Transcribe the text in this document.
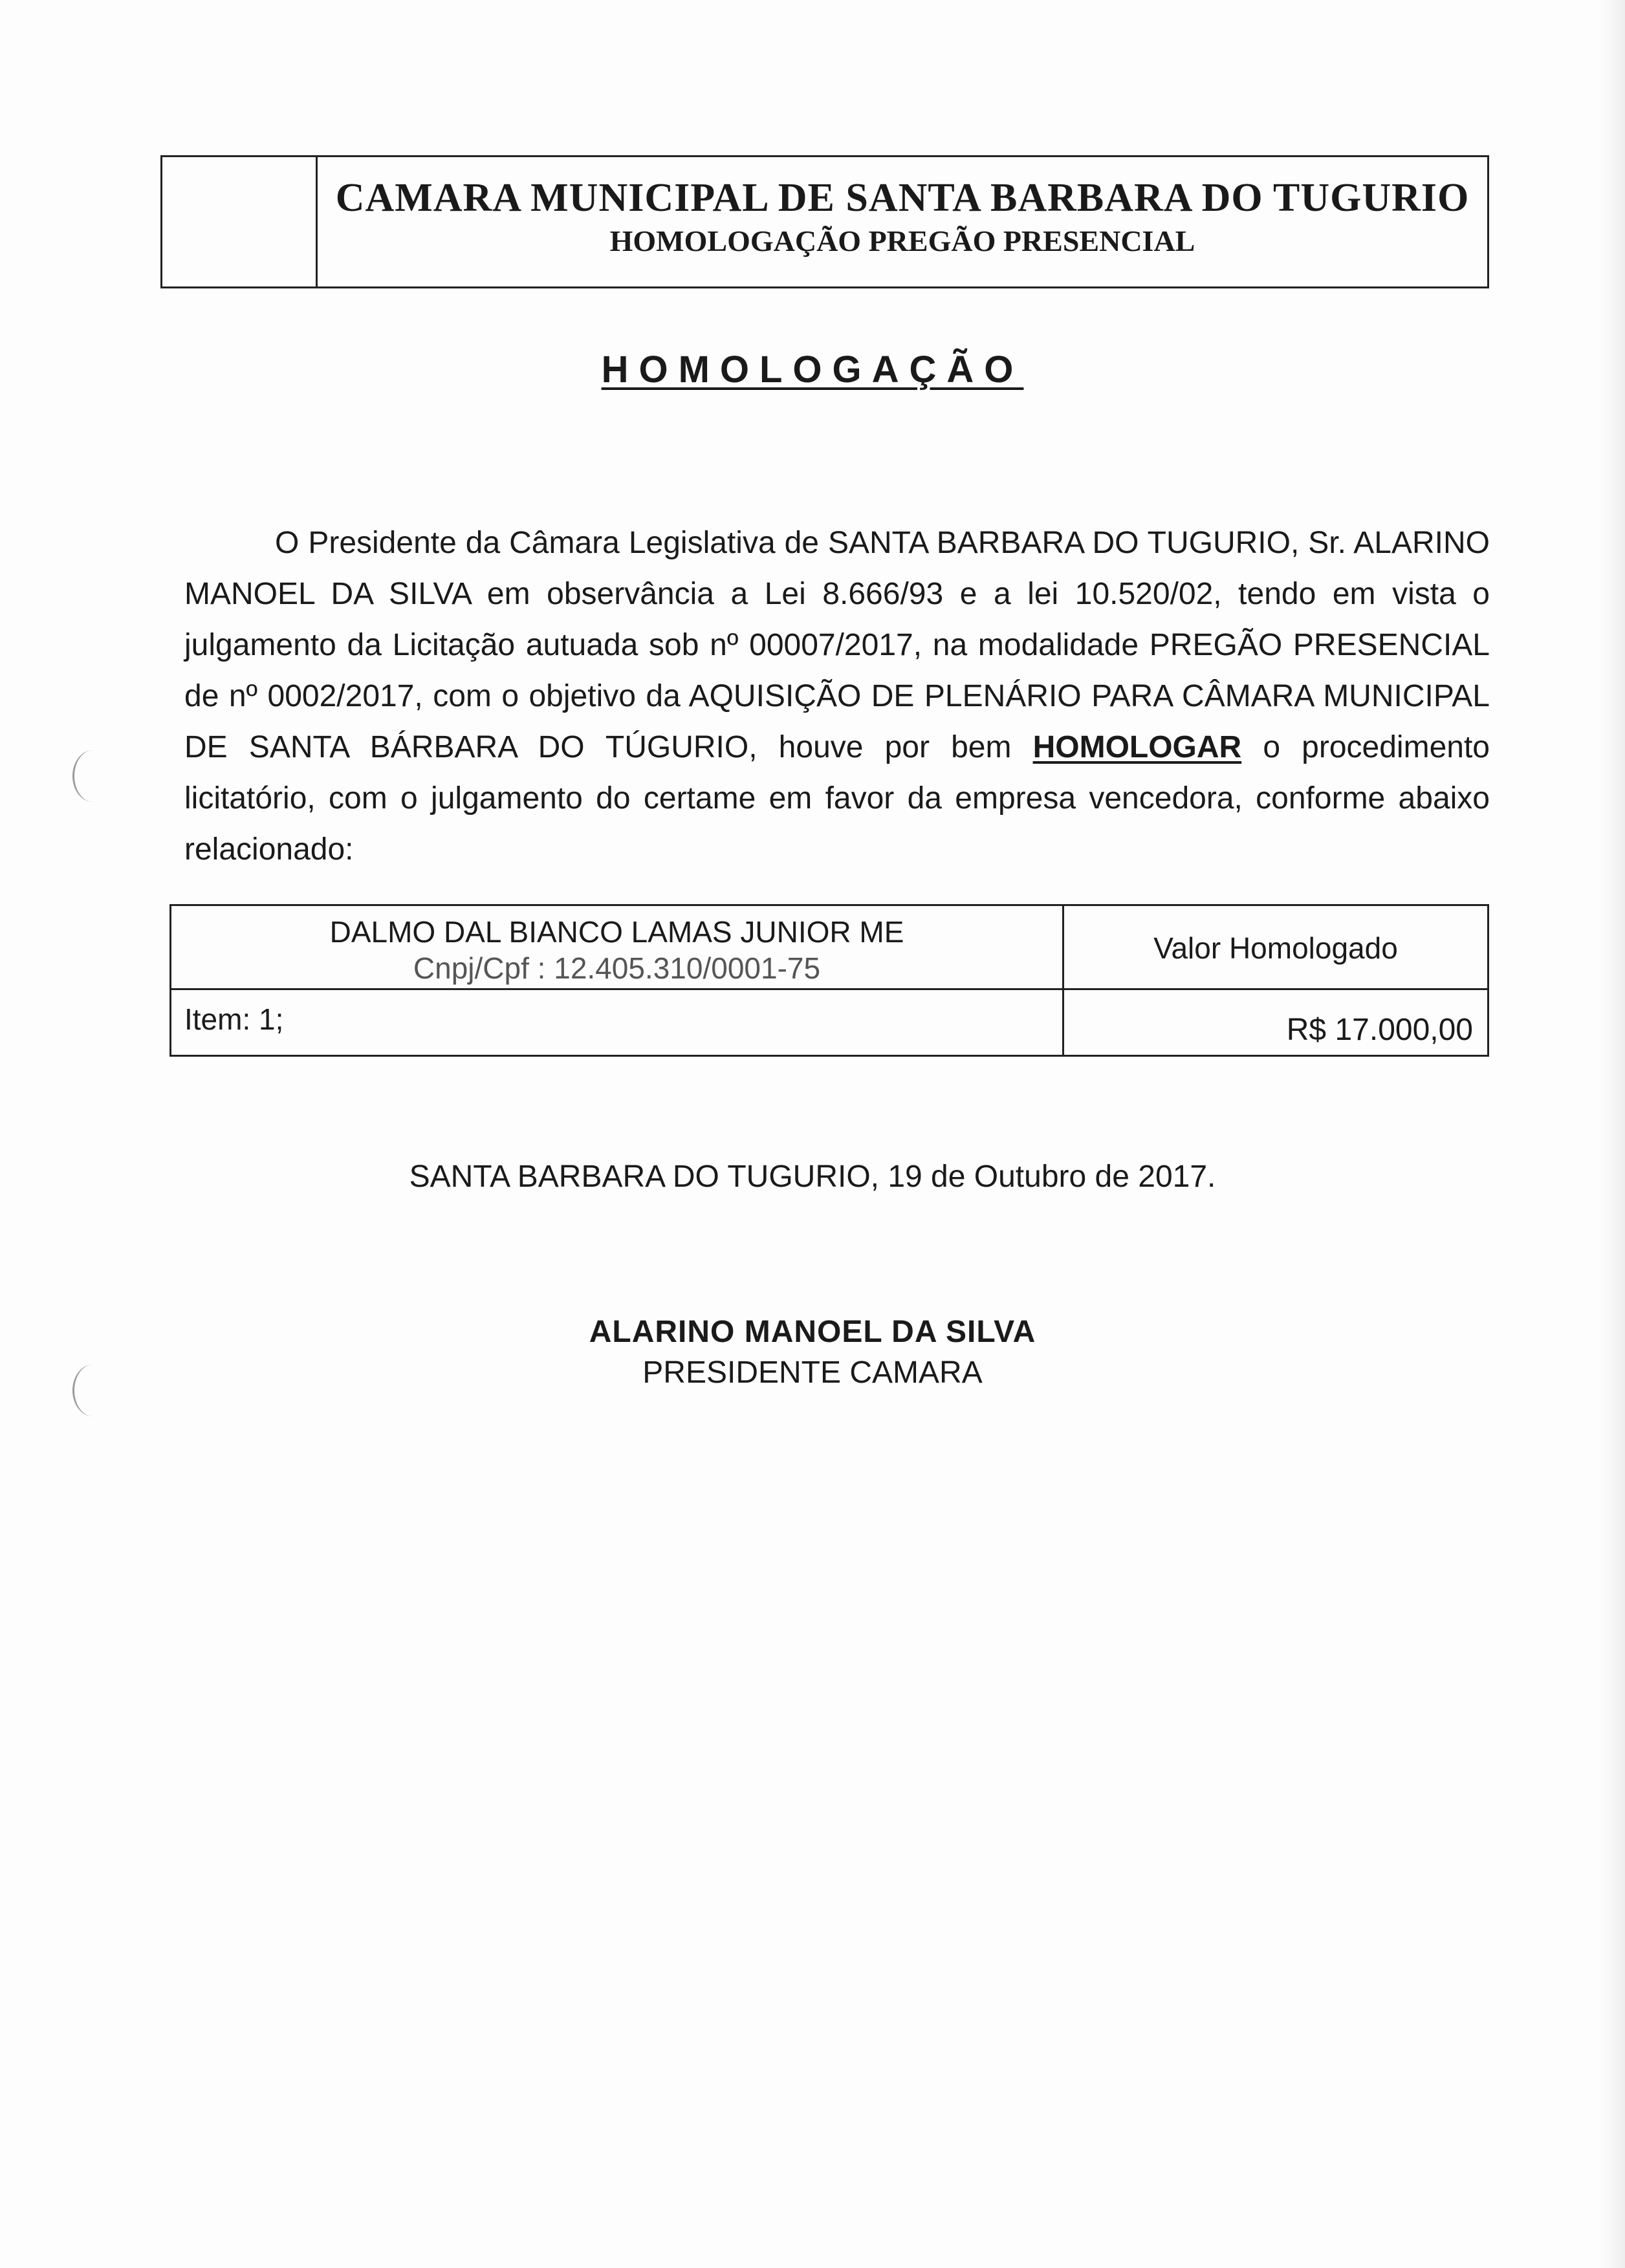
CAMARA MUNICIPAL DE SANTA BARBARA DO TUGURIO
HOMOLOGAÇÃO PREGÃO PRESENCIAL
HOMOLOGAÇÃO

O Presidente da Câmara Legislativa de SANTA BARBARA DO TUGURIO, Sr. ALARINO MANOEL DA SILVA em observância a Lei 8.666/93 e a lei 10.520/02, tendo em vista o julgamento da Licitação autuada sob nº 00007/2017, na modalidade PREGÃO PRESENCIAL de nº 0002/2017, com o objetivo da AQUISIÇÃO DE PLENÁRIO PARA CÂMARA MUNICIPAL DE SANTA BÁRBARA DO TÚGURIO, houve por bem HOMOLOGAR o procedimento licitatório, com o julgamento do certame em favor da empresa vencedora, conforme abaixo relacionado:

DALMO DAL BIANCO LAMAS JUNIOR ME
Cnpj/Cpf : 12.405.310/0001-75
Valor Homologado
Item: 1;	R$ 17.000,00
SANTA BARBARA DO TUGURIO, 19 de Outubro de 2017.
ALARINO MANOEL DA SILVA
PRESIDENTE CAMARA
